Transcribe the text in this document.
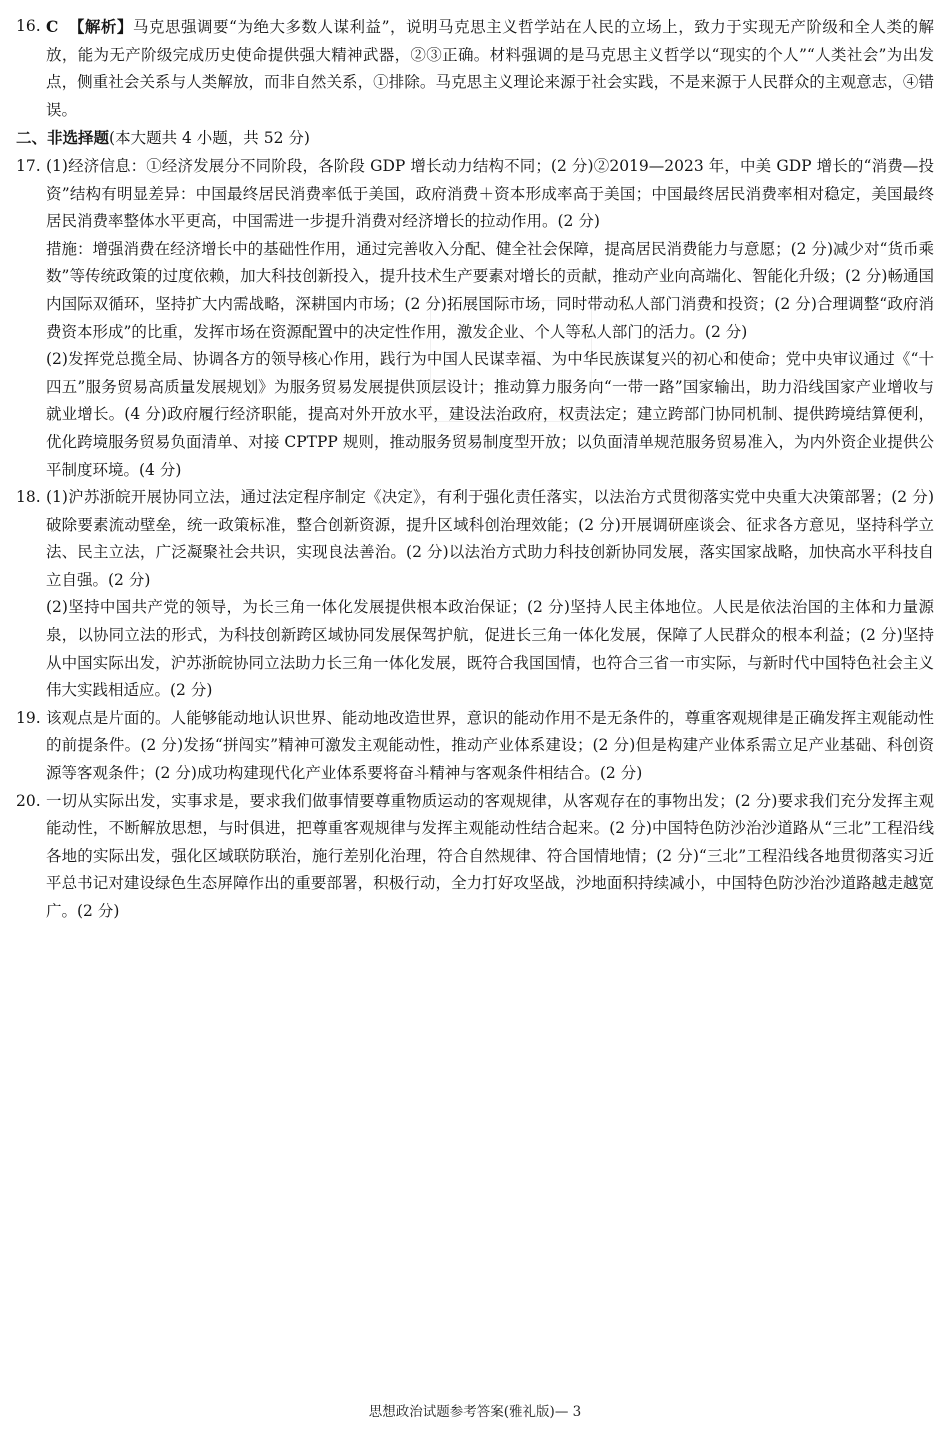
16. C 【解析】马克思强调要“为绝大多数人谋利益”，说明马克思主义哲学站在人民的立场上，致力于实现无产阶级和全人类的解放，能为无产阶级完成历史使命提供强大精神武器，②③正确。材料强调的是马克思主义哲学以“现实的个人”“人类社会”为出发点，侧重社会关系与人类解放，而非自然关系，①排除。马克思主义理论来源于社会实践，不是来源于人民群众的主观意志，④错误。

二、非选择题(本大题共 4 小题，共 52 分)
17. (1)经济信息：①经济发展分不同阶段，各阶段 GDP 增长动力结构不同；(2 分)②2019—2023 年，中美 GDP 增长的“消费—投资”结构有明显差异：中国最终居民消费率低于美国，政府消费＋资本形成率高于美国；中国最终居民消费率相对稳定，美国最终居民消费率整体水平更高，中国需进一步提升消费对经济增长的拉动作用。(2 分)

措施：增强消费在经济增长中的基础性作用，通过完善收入分配、健全社会保障，提高居民消费能力与意愿；(2 分)减少对“货币乘数”等传统政策的过度依赖，加大科技创新投入，提升技术生产要素对增长的贡献，推动产业向高端化、智能化升级；(2 分)畅通国内国际双循环，坚持扩大内需战略，深耕国内市场；(2 分)拓展国际市场，同时带动私人部门消费和投资；(2 分)合理调整“政府消费资本形成”的比重，发挥市场在资源配置中的决定性作用，激发企业、个人等私人部门的活力。(2 分)

(2)发挥党总揽全局、协调各方的领导核心作用，践行为中国人民谋幸福、为中华民族谋复兴的初心和使命；党中央审议通过《“十四五”服务贸易高质量发展规划》为服务贸易发展提供顶层设计；推动算力服务向“一带一路”国家输出，助力沿线国家产业增收与就业增长。(4 分)政府履行经济职能，提高对外开放水平，建设法治政府，权责法定；建立跨部门协同机制、提供跨境结算便利，优化跨境服务贸易负面清单、对接 CPTPP 规则，推动服务贸易制度型开放；以负面清单规范服务贸易准入，为内外资企业提供公平制度环境。(4 分)

18. (1)沪苏浙皖开展协同立法，通过法定程序制定《决定》，有利于强化责任落实，以法治方式贯彻落实党中央重大决策部署；(2 分)破除要素流动壁垒，统一政策标准，整合创新资源，提升区域科创治理效能；(2 分)开展调研座谈会、征求各方意见，坚持科学立法、民主立法，广泛凝聚社会共识，实现良法善治。(2 分)以法治方式助力科技创新协同发展，落实国家战略，加快高水平科技自立自强。(2 分)

(2)坚持中国共产党的领导，为长三角一体化发展提供根本政治保证；(2 分)坚持人民主体地位。人民是依法治国的主体和力量源泉，以协同立法的形式，为科技创新跨区域协同发展保驾护航，促进长三角一体化发展，保障了人民群众的根本利益；(2 分)坚持从中国实际出发，沪苏浙皖协同立法助力长三角一体化发展，既符合我国国情，也符合三省一市实际，与新时代中国特色社会主义伟大实践相适应。(2 分)

19. 该观点是片面的。人能够能动地认识世界、能动地改造世界，意识的能动作用不是无条件的，尊重客观规律是正确发挥主观能动性的前提条件。(2 分)发扬“拼闯实”精神可激发主观能动性，推动产业体系建设；(2 分)但是构建产业体系需立足产业基础、科创资源等客观条件；(2 分)成功构建现代化产业体系要将奋斗精神与客观条件相结合。(2 分)

20. 一切从实际出发，实事求是，要求我们做事情要尊重物质运动的客观规律，从客观存在的事物出发；(2 分)要求我们充分发挥主观能动性，不断解放思想，与时俱进，把尊重客观规律与发挥主观能动性结合起来。(2 分)中国特色防沙治沙道路从“三北”工程沿线各地的实际出发，强化区域联防联治，施行差别化治理，符合自然规律、符合国情地情；(2 分)“三北”工程沿线各地贯彻落实习近平总书记对建设绿色生态屏障作出的重要部署，积极行动，全力打好攻坚战，沙地面积持续减小，中国特色防沙治沙道路越走越宽广。(2 分)

思想政治试题参考答案(雅礼版)— 3
